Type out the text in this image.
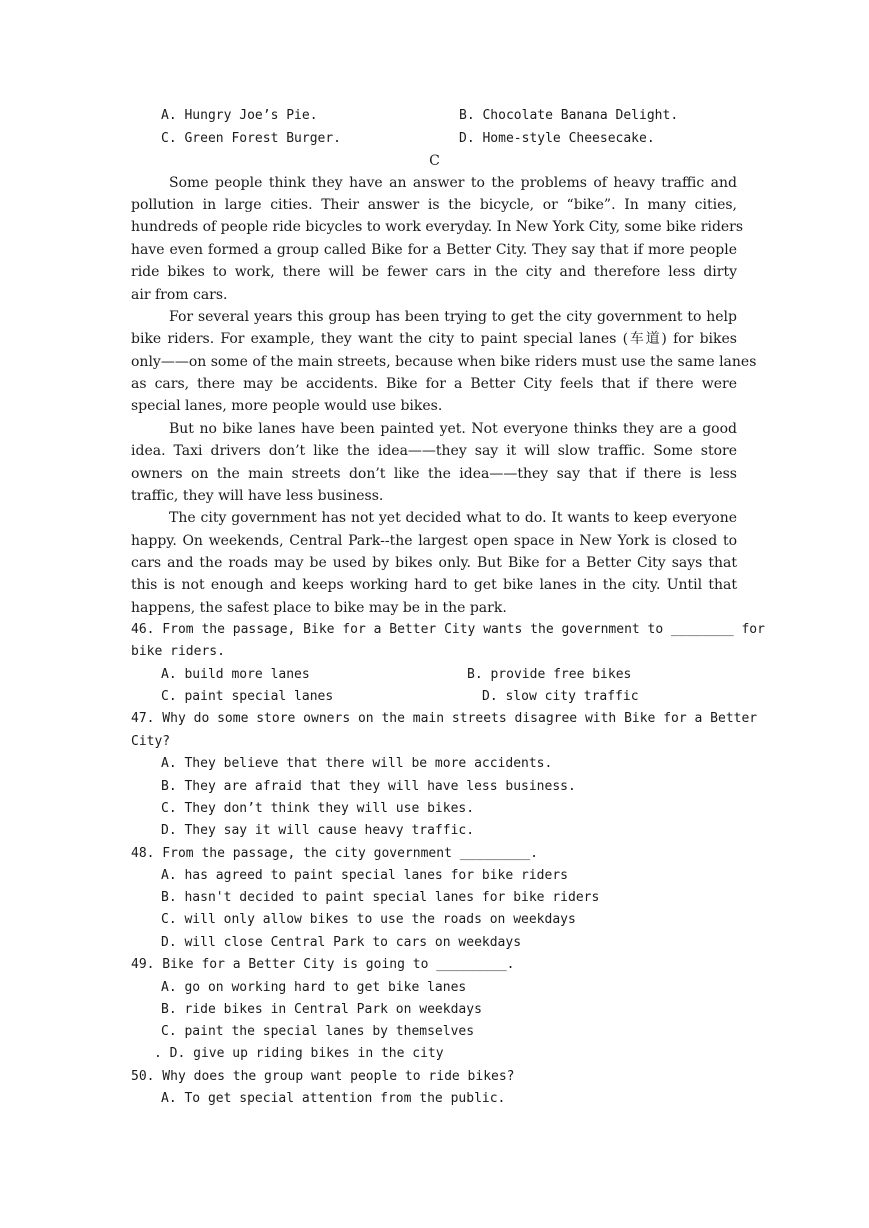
A. Hungry Joe’s Pie.	B. Chocolate Banana Delight.
C. Green Forest Burger.	D. Home-style Cheesecake.
C
Some people think they have an answer to the problems of heavy traffic and
pollution in large cities. Their answer is the bicycle, or “bike”. In many cities,
hundreds of people ride bicycles to work everyday. In New York City, some bike riders
have even formed a group called Bike for a Better City. They say that if more people
ride bikes to work, there will be fewer cars in the city and therefore less dirty
air from cars.
For several years this group has been trying to get the city government to help
bike riders. For example, they want the city to paint special lanes (车道) for bikes
only——on some of the main streets, because when bike riders must use the same lanes
as cars, there may be accidents. Bike for a Better City feels that if there were
special lanes, more people would use bikes.
But no bike lanes have been painted yet. Not everyone thinks they are a good
idea. Taxi drivers don’t like the idea——they say it will slow traffic. Some store
owners on the main streets don’t like the idea——they say that if there is less
traffic, they will have less business.
The city government has not yet decided what to do. It wants to keep everyone
happy. On weekends, Central Park--the largest open space in New York is closed to
cars and the roads may be used by bikes only. But Bike for a Better City says that
this is not enough and keeps working hard to get bike lanes in the city. Until that
happens, the safest place to bike may be in the park.
46. From the passage, Bike for a Better City wants the government to ________ for
bike riders.
A. build more lanes	B. provide free bikes
C. paint special lanes	D. slow city traffic
47. Why do some store owners on the main streets disagree with Bike for a Better
City?
A. They believe that there will be more accidents.
B. They are afraid that they will have less business.
C. They don’t think they will use bikes.
D. They say it will cause heavy traffic.
48. From the passage, the city government _________.
A. has agreed to paint special lanes for bike riders
B. hasn't decided to paint special lanes for bike riders
C. will only allow bikes to use the roads on weekdays
D. will close Central Park to cars on weekdays
49. Bike for a Better City is going to _________.
A. go on working hard to get bike lanes
B. ride bikes in Central Park on weekdays
C. paint the special lanes by themselves
. D. give up riding bikes in the city
50. Why does the group want people to ride bikes?
A. To get special attention from the public.
